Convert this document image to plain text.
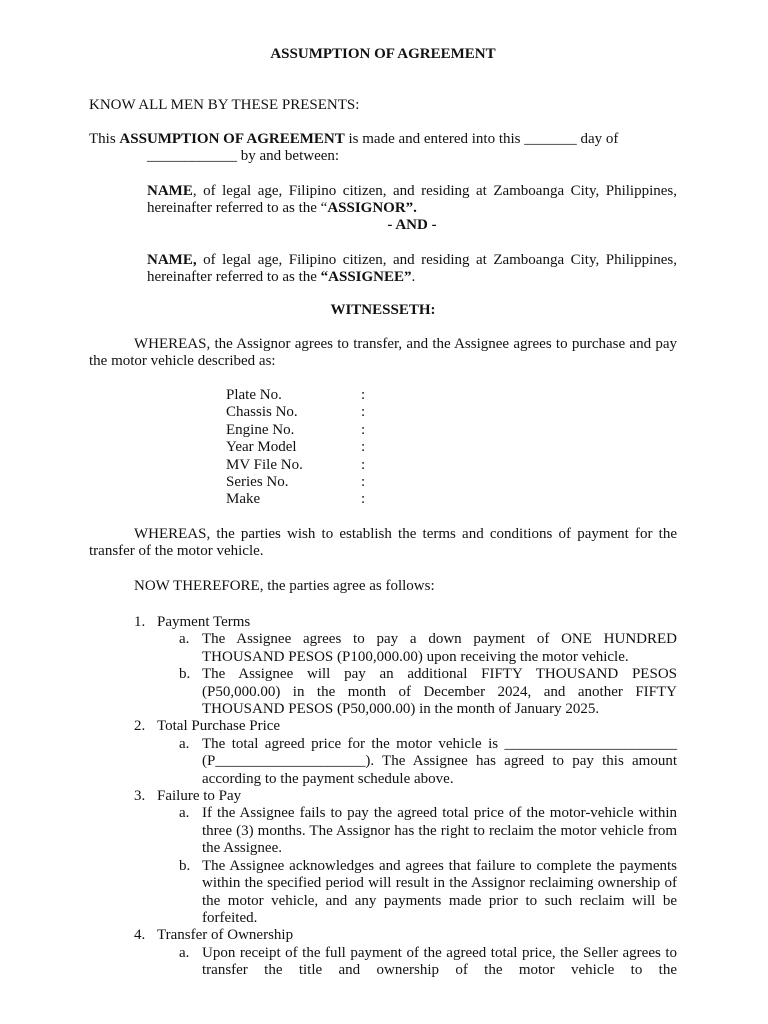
ASSUMPTION OF AGREEMENT
KNOW ALL MEN BY THESE PRESENTS:
This ASSUMPTION OF AGREEMENT is made and entered into this _______ day of
____________ by and between:
NAME, of legal age, Filipino citizen, and residing at Zamboanga City, Philippines, hereinafter referred to as the “ASSIGNOR”.
- AND -
NAME, of legal age, Filipino citizen, and residing at Zamboanga City, Philippines, hereinafter referred to as the “ASSIGNEE”.
WITNESSETH:
WHEREAS, the Assignor agrees to transfer, and the Assignee agrees to purchase and pay the motor vehicle described as:
Plate No.	:
Chassis No.	:
Engine No.	:
Year Model	:
MV File No.	:
Series No.	:
Make	:
WHEREAS, the parties wish to establish the terms and conditions of payment for the transfer of the motor vehicle.
NOW THEREFORE, the parties agree as follows:
1. Payment Terms
a. The Assignee agrees to pay a down payment of ONE HUNDRED THOUSAND PESOS (P100,000.00) upon receiving the motor vehicle.
b. The Assignee will pay an additional FIFTY THOUSAND PESOS (P50,000.00) in the month of December 2024, and another FIFTY THOUSAND PESOS (P50,000.00) in the month of January 2025.
2. Total Purchase Price
a. The total agreed price for the motor vehicle is _______________________ (P____________________). The Assignee has agreed to pay this amount according to the payment schedule above.
3. Failure to Pay
a. If the Assignee fails to pay the agreed total price of the motor-vehicle within three (3) months. The Assignor has the right to reclaim the motor vehicle from the Assignee.
b. The Assignee acknowledges and agrees that failure to complete the payments within the specified period will result in the Assignor reclaiming ownership of the motor vehicle, and any payments made prior to such reclaim will be forfeited.
4. Transfer of Ownership
a. Upon receipt of the full payment of the agreed total price, the Seller agrees to transfer the title and ownership of the motor vehicle to the
